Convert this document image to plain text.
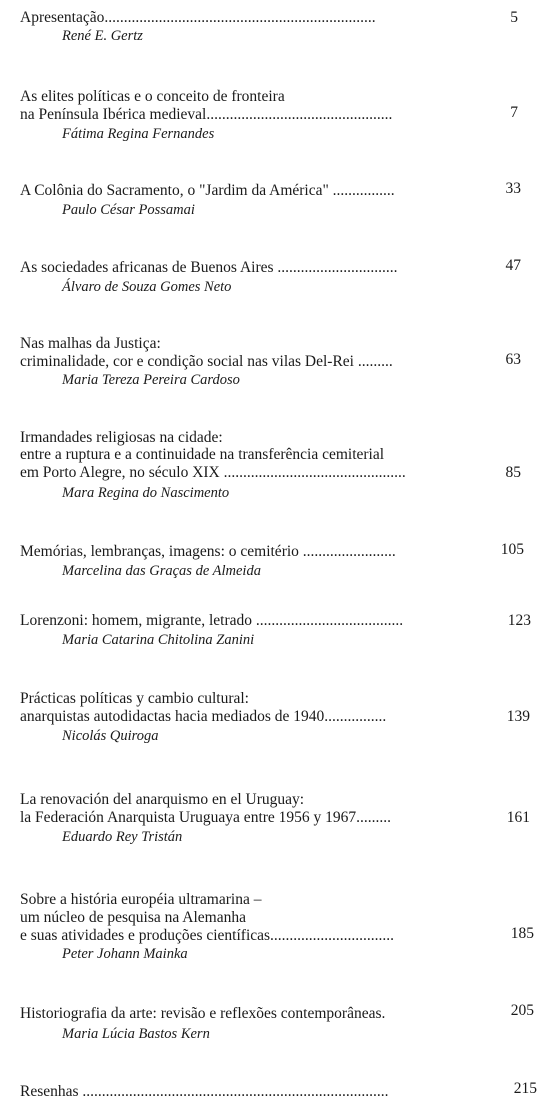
Apresentação......................................................................
René E. Gertz
5
As elites políticas e o conceito de fronteira
na Península Ibérica medieval................................................
Fátima Regina Fernandes
7
A Colônia do Sacramento, o "Jardim da América" ................
Paulo César Possamai
33
As sociedades africanas de Buenos Aires ...............................
Álvaro de Souza Gomes Neto
47
Nas malhas da Justiça:
criminalidade, cor e condição social nas vilas Del-Rei .........
Maria Tereza Pereira Cardoso
63
Irmandades religiosas na cidade:
entre a ruptura e a continuidade na transferência cemiterial
em Porto Alegre, no século XIX ...............................................
Mara Regina do Nascimento
85
Memórias, lembranças, imagens: o cemitério ........................
Marcelina das Graças de Almeida
105
Lorenzoni: homem, migrante, letrado ......................................
Maria Catarina Chitolina Zanini
123
Prácticas políticas y cambio cultural:
anarquistas autodidactas hacia mediados de 1940................
Nicolás Quiroga
139
La renovación del anarquismo en el Uruguay:
la Federación Anarquista Uruguaya entre 1956 y 1967.........
Eduardo Rey Tristán
161
Sobre a história européia ultramarina –
um núcleo de pesquisa na Alemanha
e suas atividades e produções científicas................................
Peter Johann Mainka
185
Historiografia da arte: revisão e reflexões contemporâneas.
Maria Lúcia Bastos Kern
205
Resenhas ...............................................................................	215
